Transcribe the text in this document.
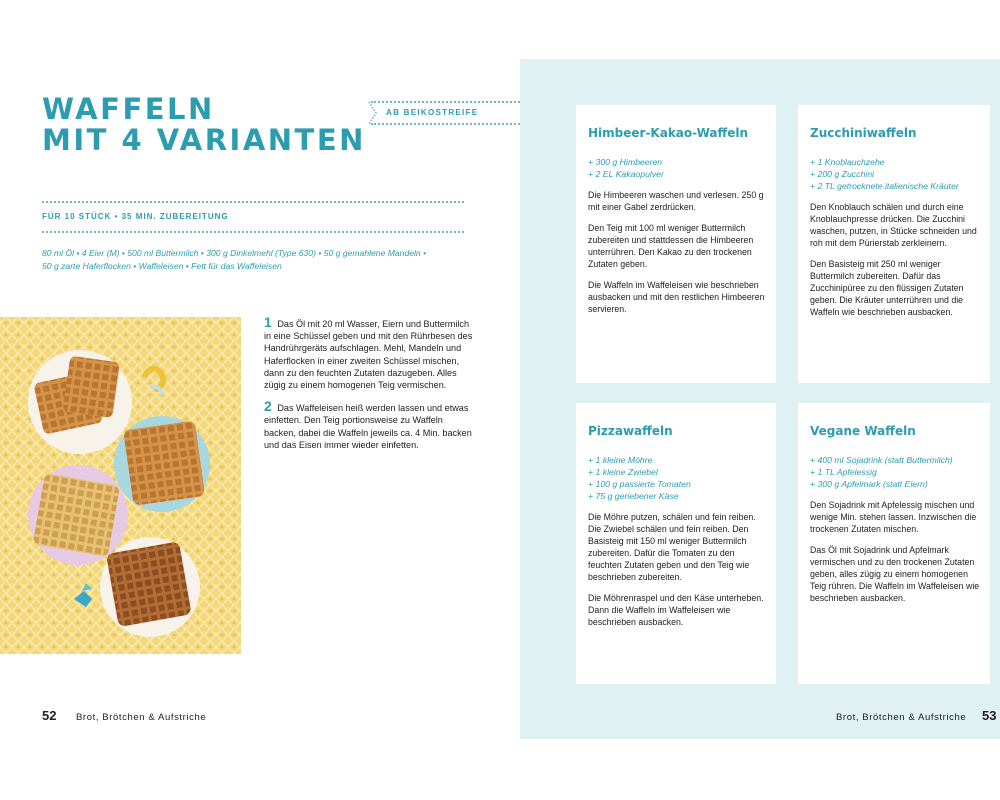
WAFFELN
MIT 4 VARIANTEN
AB BEIKOSTREIFE
FÜR 10 STÜCK • 35 MIN. ZUBEREITUNG
80 ml Öl • 4 Eier (M) • 500 ml Buttermilch • 300 g Dinkelmehl (Type 630) • 50 g gemahlene Mandeln •
50 g zarte Haferflocken • Waffeleisen • Fett für das Waffeleisen

1 Das Öl mit 20 ml Wasser, Eiern und Buttermilch in eine Schüssel geben und mit den Rührbesen des Handrührgeräts aufschlagen. Mehl, Mandeln und Haferflocken in einer zweiten Schüssel mischen, dann zu den feuchten Zutaten dazugeben. Alles zügig zu einem homogenen Teig vermischen.

2 Das Waffeleisen heiß werden lassen und etwas einfetten. Den Teig portionsweise zu Waffeln backen, dabei die Waffeln jeweils ca. 4 Min. backen und das Eisen immer wieder einfetten.

52 Brot, Brötchen & Aufstriche
Himbeer-Kakao-Waffeln
+ 300 g Himbeeren
+ 2 EL Kakaopulver

Die Himbeeren waschen und verlesen. 250 g mit einer Gabel zerdrücken.

Den Teig mit 100 ml weniger Buttermilch zubereiten und stattdessen die Himbeeren unterrühren. Den Kakao zu den trockenen Zutaten geben.

Die Waffeln im Waffeleisen wie beschrieben ausbacken und mit den restlichen Himbeeren servieren.

Zucchiniwaffeln
+ 1 Knoblauchzehe
+ 200 g Zucchini
+ 2 TL getrocknete italienische Kräuter

Den Knoblauch schälen und durch eine Knoblauchpresse drücken. Die Zucchini waschen, putzen, in Stücke schneiden und roh mit dem Pürierstab zerkleinern.

Den Basisteig mit 250 ml weniger Buttermilch zubereiten. Dafür das Zucchinipüree zu den flüssigen Zutaten geben. Die Kräuter unterrühren und die Waffeln wie beschrieben ausbacken.

Pizzawaffeln
+ 1 kleine Möhre
+ 1 kleine Zwiebel
+ 100 g passierte Tomaten
+ 75 g geriebener Käse

Die Möhre putzen, schälen und fein reiben. Die Zwiebel schälen und fein reiben. Den Basisteig mit 150 ml weniger Buttermilch zubereiten. Dafür die Tomaten zu den feuchten Zutaten geben und den Teig wie beschrieben zubereiten.

Die Möhrenraspel und den Käse unterheben. Dann die Waffeln im Waffeleisen wie beschrieben ausbacken.

Vegane Waffeln
+ 400 ml Sojadrink (statt Buttermilch)
+ 1 TL Apfelessig
+ 300 g Apfelmark (statt Eiern)

Den Sojadrink mit Apfelessig mischen und wenige Min. stehen lassen. Inzwischen die trockenen Zutaten mischen.

Das Öl mit Sojadrink und Apfelmark vermischen und zu den trockenen Zutaten geben, alles zügig zu einem homogenen Teig rühren. Die Waffeln im Waffeleisen wie beschrieben ausbacken.

Brot, Brötchen & Aufstriche 53
